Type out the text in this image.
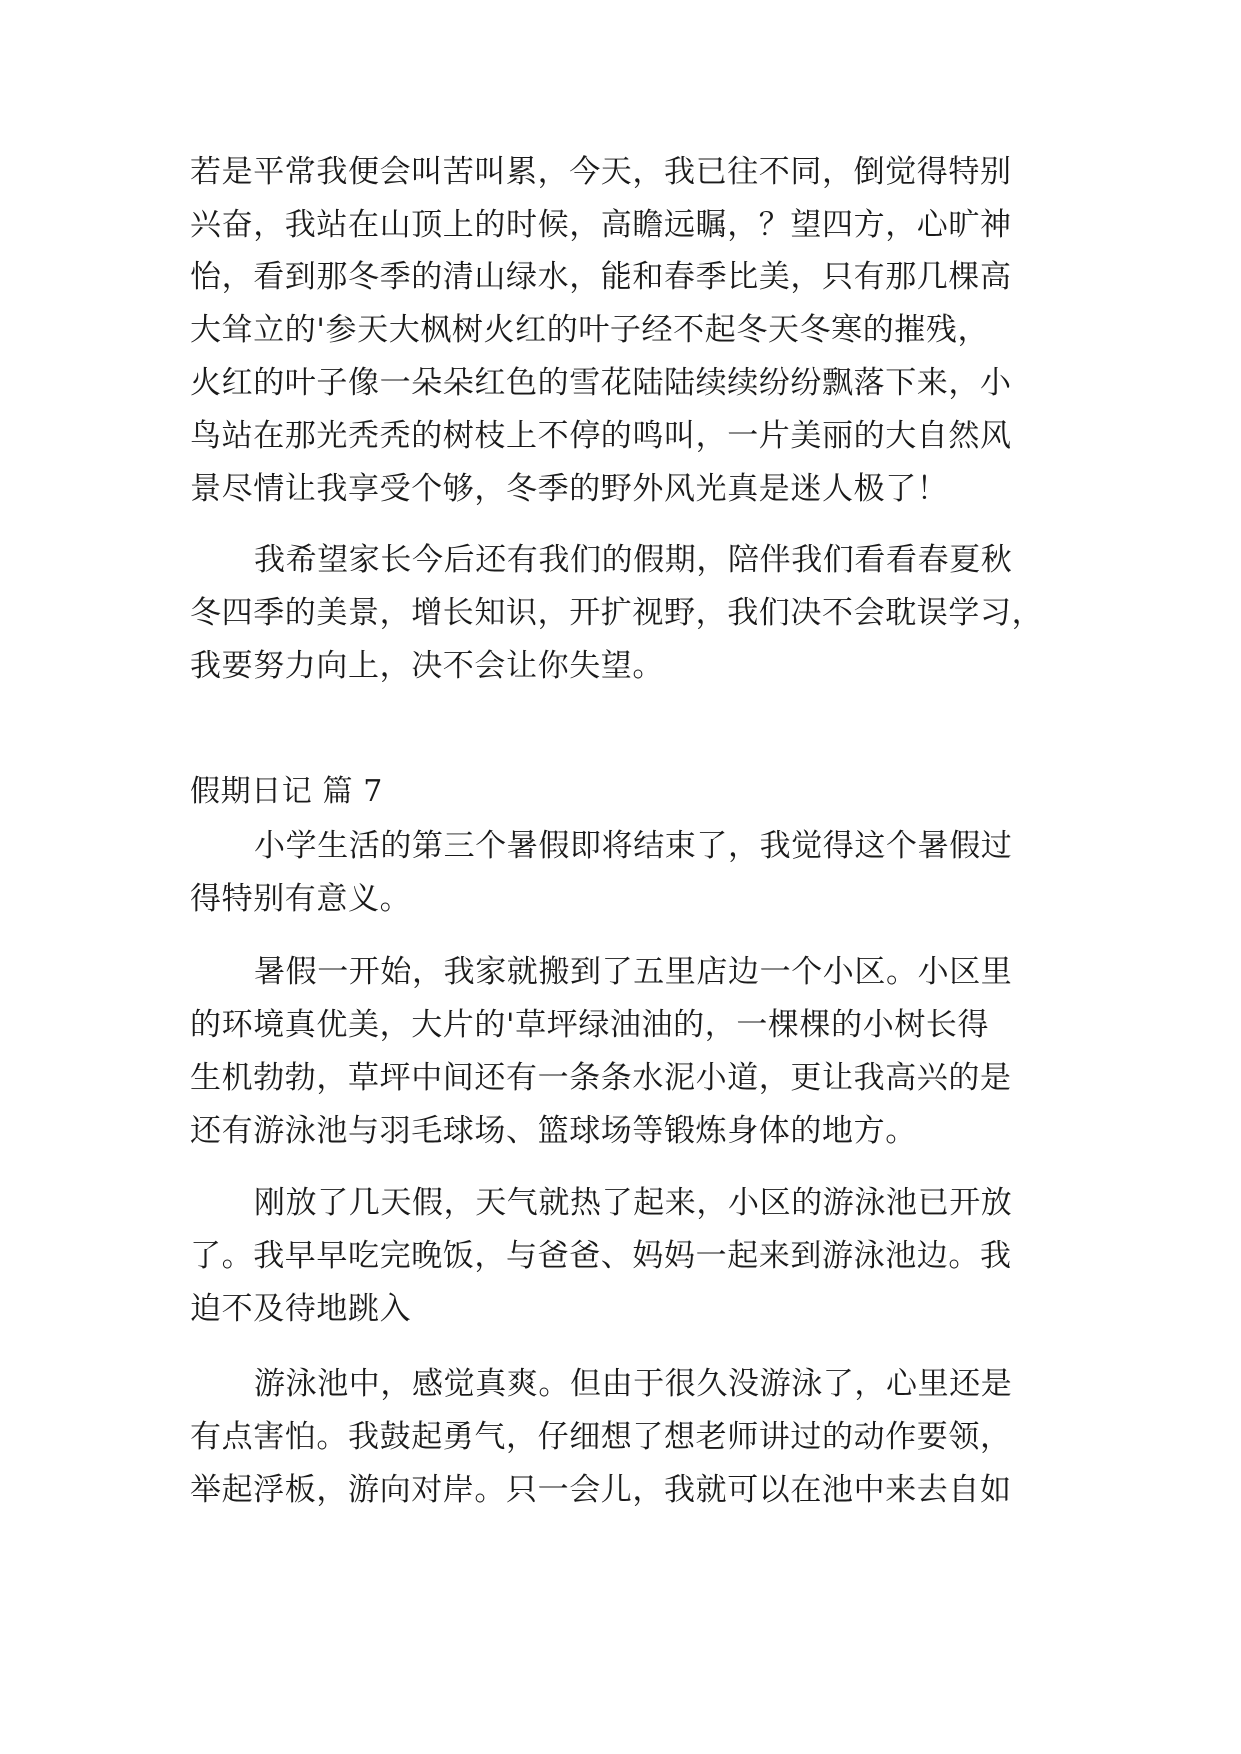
若是平常我便会叫苦叫累，今天，我已往不同，倒觉得特别

兴奋，我站在山顶上的时候，高瞻远瞩，？望四方，心旷神

怡，看到那冬季的清山绿水，能和春季比美，只有那几棵高

大耸立的'参天大枫树火红的叶子经不起冬天冬寒的摧残，

火红的叶子像一朵朵红色的雪花陆陆续续纷纷飘落下来，小

鸟站在那光秃秃的树枝上不停的鸣叫，一片美丽的大自然风

景尽情让我享受个够，冬季的野外风光真是迷人极了！

我希望家长今后还有我们的假期，陪伴我们看看春夏秋

冬四季的美景，增长知识，开扩视野，我们决不会耽误学习，

我要努力向上，决不会让你失望。

假期日记 篇 7

小学生活的第三个暑假即将结束了，我觉得这个暑假过

得特别有意义。

暑假一开始，我家就搬到了五里店边一个小区。小区里

的环境真优美，大片的'草坪绿油油的，一棵棵的小树长得

生机勃勃，草坪中间还有一条条水泥小道，更让我高兴的是

还有游泳池与羽毛球场、篮球场等锻炼身体的地方。

刚放了几天假，天气就热了起来，小区的游泳池已开放

了。我早早吃完晚饭，与爸爸、妈妈一起来到游泳池边。我

迫不及待地跳入

游泳池中，感觉真爽。但由于很久没游泳了，心里还是

有点害怕。我鼓起勇气，仔细想了想老师讲过的动作要领，

举起浮板，游向对岸。只一会儿，我就可以在池中来去自如
